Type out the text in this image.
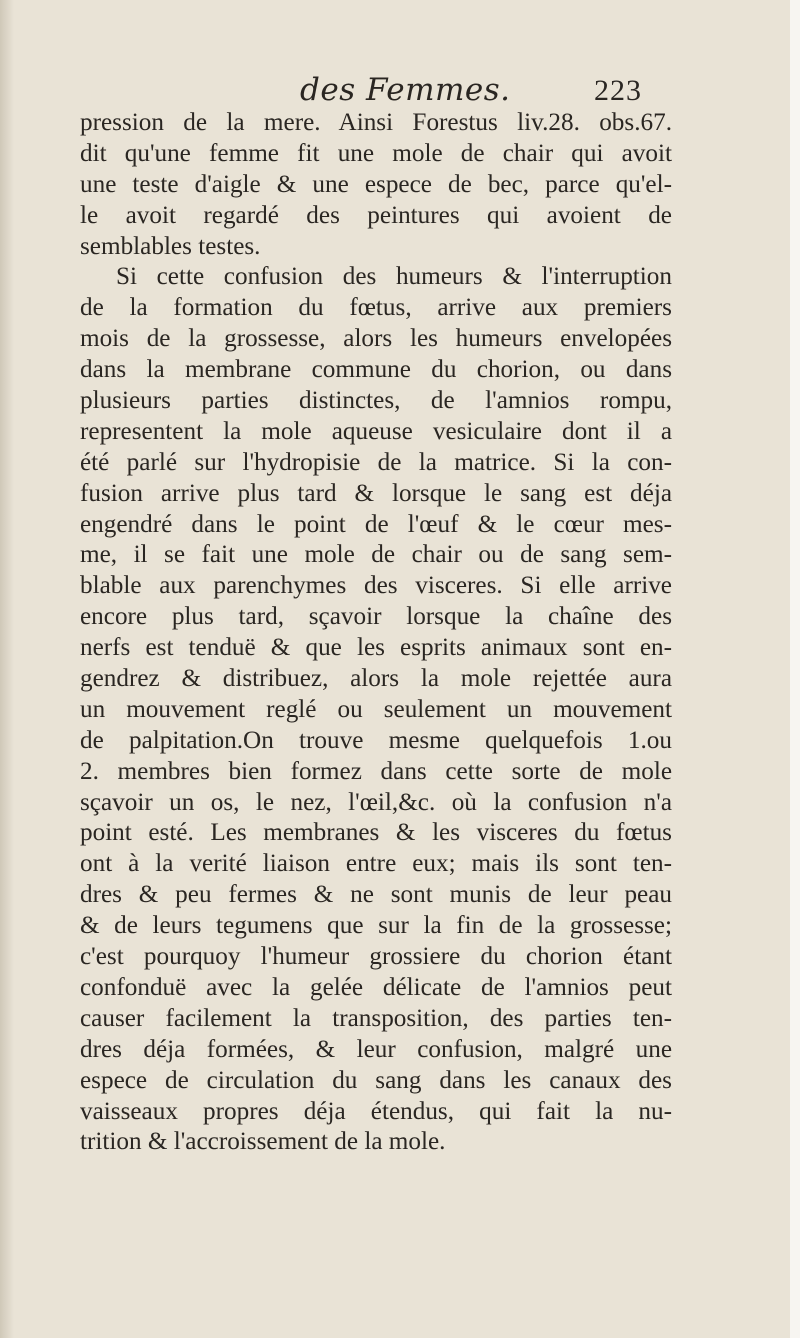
des Femmes.	223
pression de la mere. Ainsi Forestus liv.28. obs.67.
dit qu'une femme fit une mole de chair qui avoit
une teste d'aigle & une espece de bec, parce qu'el-
le avoit regardé des peintures qui avoient de
semblables testes.
Si cette confusion des humeurs & l'interruption
de la formation du fœtus, arrive aux premiers
mois de la grossesse, alors les humeurs envelopées
dans la membrane commune du chorion, ou dans
plusieurs parties distinctes, de l'amnios rompu,
representent la mole aqueuse vesiculaire dont il a
été parlé sur l'hydropisie de la matrice. Si la con-
fusion arrive plus tard & lorsque le sang est déja
engendré dans le point de l'œuf & le cœur mes-
me, il se fait une mole de chair ou de sang sem-
blable aux parenchymes des visceres. Si elle arrive
encore plus tard, sçavoir lorsque la chaîne des
nerfs est tenduë & que les esprits animaux sont en-
gendrez & distribuez, alors la mole rejettée aura
un mouvement reglé ou seulement un mouvement
de palpitation.On trouve mesme quelquefois 1.ou
2. membres bien formez dans cette sorte de mole
sçavoir un os, le nez, l'œil,&c. où la confusion n'a
point esté. Les membranes & les visceres du fœtus
ont à la verité liaison entre eux; mais ils sont ten-
dres & peu fermes & ne sont munis de leur peau
& de leurs tegumens que sur la fin de la grossesse;
c'est pourquoy l'humeur grossiere du chorion étant
confonduë avec la gelée délicate de l'amnios peut
causer facilement la transposition, des parties ten-
dres déja formées, & leur confusion, malgré une
espece de circulation du sang dans les canaux des
vaisseaux propres déja étendus, qui fait la nu-
trition & l'accroissement de la mole.
